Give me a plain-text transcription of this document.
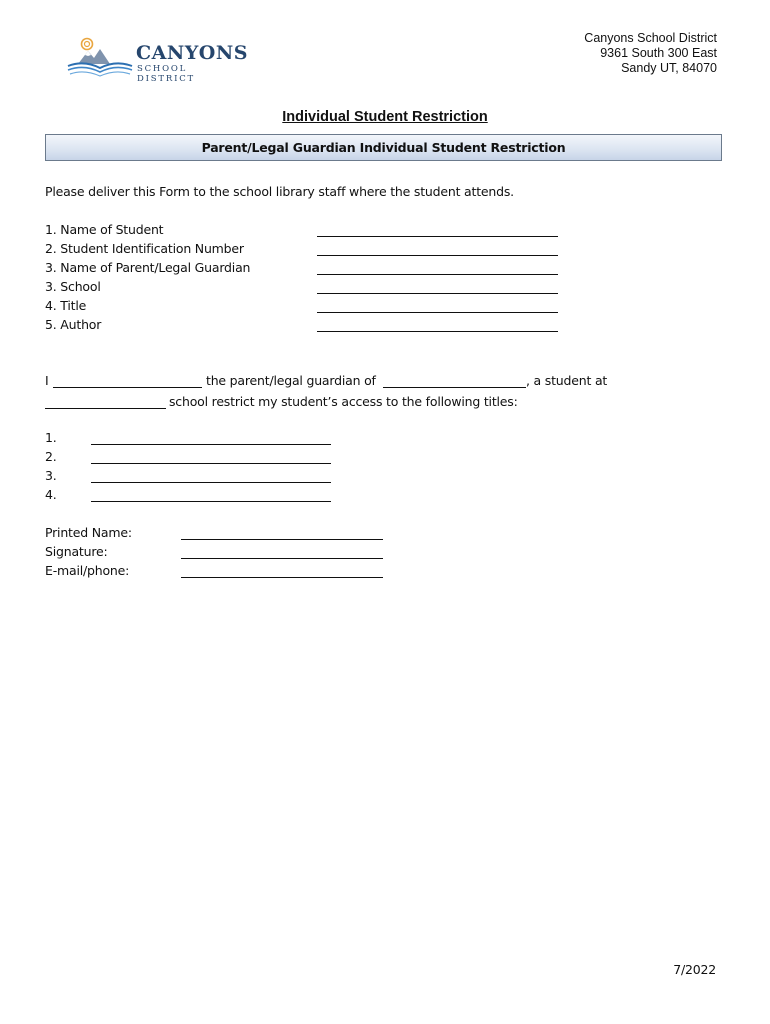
CANYONS
SCHOOL DISTRICT
Canyons School District
9361 South 300 East
Sandy UT, 84070
Individual Student Restriction
Parent/Legal Guardian Individual Student Restriction
Please deliver this Form to the school library staff where the student attends.
1. Name of Student
2. Student Identification Number
3. Name of Parent/Legal Guardian
3. School
4. Title
5. Author
I	the parent/legal guardian of	, a student at
school restrict my student’s access to the following titles:
1.
2.
3.
4.
Printed Name:
Signature:
E-mail/phone:
7/2022
